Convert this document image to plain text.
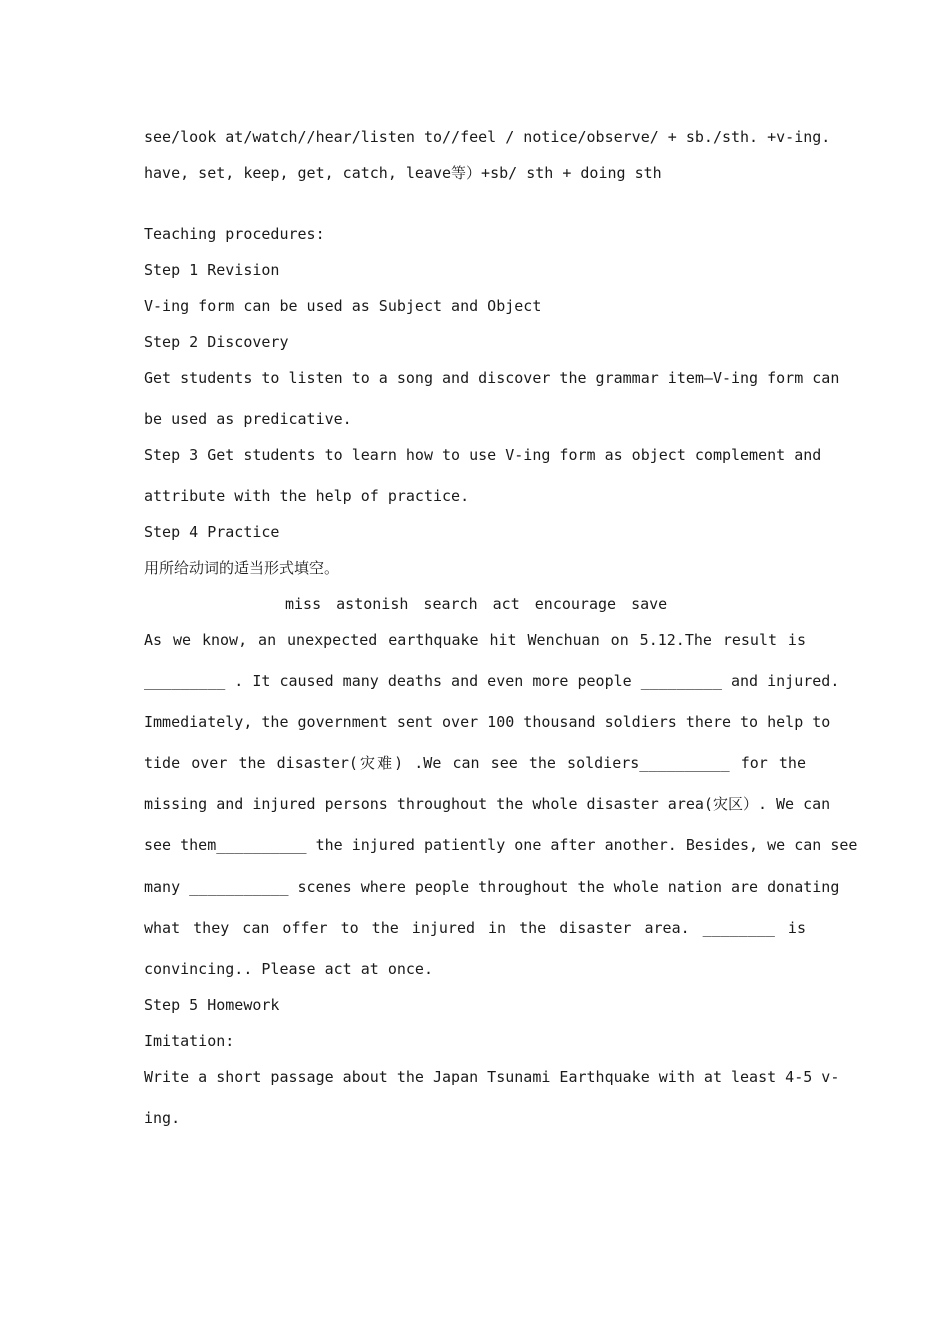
see/look at/watch//hear/listen to//feel / notice/observe/ + sb./sth. +v-ing.
have, set, keep, get, catch, leave等）+sb/ sth + doing sth
Teaching procedures:
Step 1 Revision
V-ing form can be used as Subject and Object
Step 2 Discovery
Get students to listen to a song and discover the grammar item—V-ing form can
be used as predicative.
Step 3 Get students to learn how to use V-ing form as object complement and
attribute with the help of practice.
Step 4 Practice
用所给动词的适当形式填空。
miss astonish search act encourage save
As we know, an unexpected earthquake hit Wenchuan on 5.12.The result is
_________ . It caused many deaths and even more people _________ and injured.
Immediately, the government sent over 100 thousand soldiers there to help to
tide over the disaster(灾难) .We can see the soldiers__________ for the
missing and injured persons throughout the whole disaster area(灾区）. We can
see them__________ the injured patiently one after another. Besides, we can see
many ___________ scenes where people throughout the whole nation are donating
what they can offer to the injured in the disaster area. ________ is
convincing.. Please act at once.
Step 5 Homework
Imitation:
Write a short passage about the Japan Tsunami Earthquake with at least 4-5 v-
ing.
